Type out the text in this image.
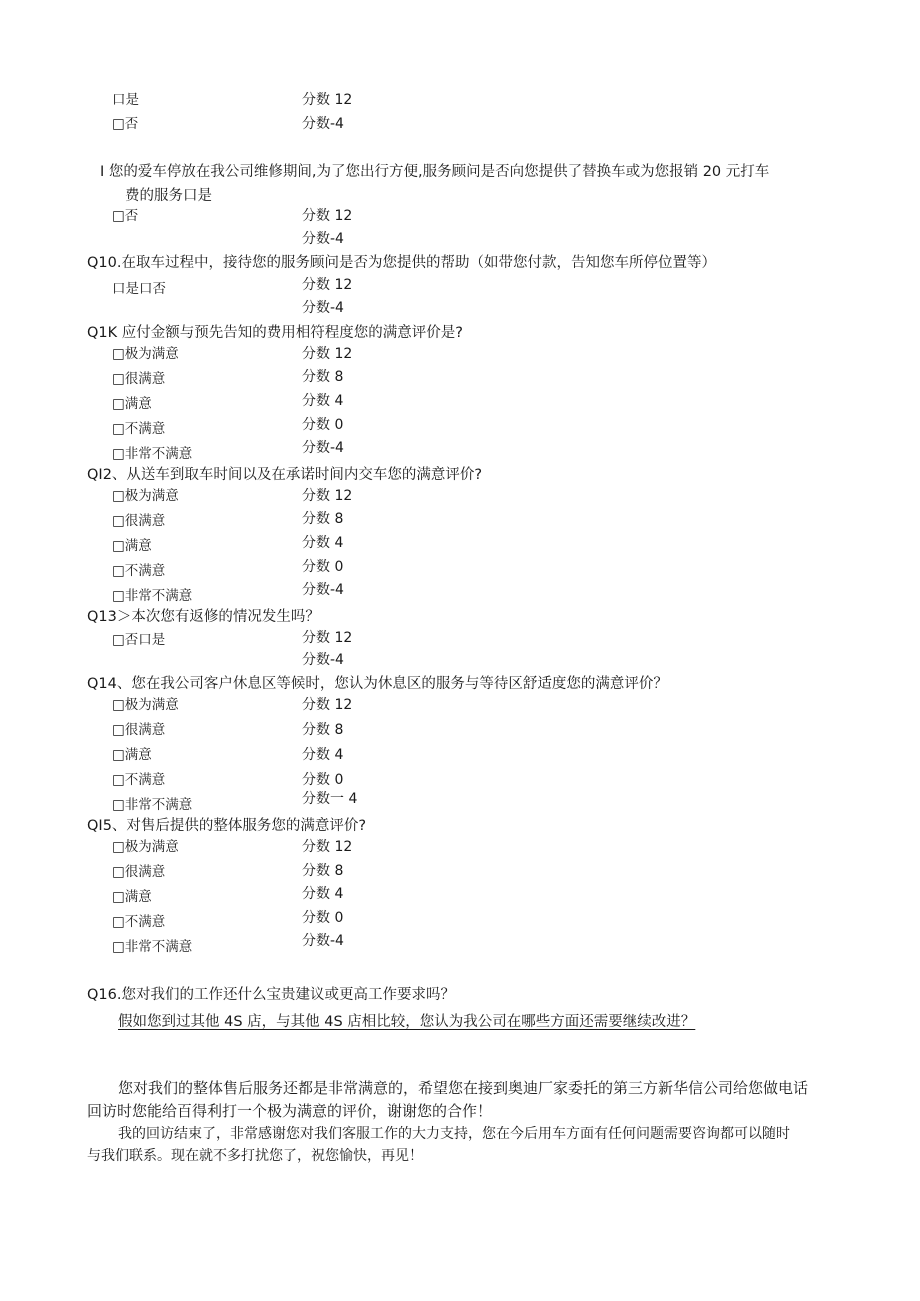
口是	分数 12
□否	分数-4
I 您的爱车停放在我公司维修期间,为了您出行方便,服务顾问是否向您提供了替换车或为您报销 20 元打车
费的服务口是
□否	分数 12
分数-4
Q10.在取车过程中，接待您的服务顾问是否为您提供的帮助（如带您付款，告知您车所停位置等）
口是口否	分数 12
分数-4
Q1K 应付金额与预先告知的费用相符程度您的满意评价是?
□极为满意	分数 12
□很满意	分数 8
□满意	分数 4
□不满意	分数 0
□非常不满意	分数-4
QI2、从送车到取车时间以及在承诺时间内交车您的满意评价?
□极为满意	分数 12
□很满意	分数 8
□满意	分数 4
□不满意	分数 0
□非常不满意	分数-4
Q13＞本次您有返修的情况发生吗？
□否口是	分数 12
分数-4
Q14、您在我公司客户休息区等候时，您认为休息区的服务与等待区舒适度您的满意评价？
□极为满意	分数 12
□很满意	分数 8
□满意	分数 4
□不满意	分数 0
□非常不满意	分数一 4
QI5、对售后提供的整体服务您的满意评价?
□极为满意	分数 12
□很满意	分数 8
□满意	分数 4
□不满意	分数 0
□非常不满意	分数-4
Q16.您对我们的工作还什么宝贵建议或更高工作要求吗？
假如您到过其他 4S 店，与其他 4S 店相比较，您认为我公司在哪些方面还需要继续改进？
您对我们的整体售后服务还都是非常满意的，希望您在接到奥迪厂家委托的第三方新华信公司给您做电话
回访时您能给百得利打一个极为满意的评价，谢谢您的合作！
我的回访结束了，非常感谢您对我们客服工作的大力支持，您在今后用车方面有任何问题需要咨询都可以随时
与我们联系。现在就不多打扰您了，祝您愉快，再见！
